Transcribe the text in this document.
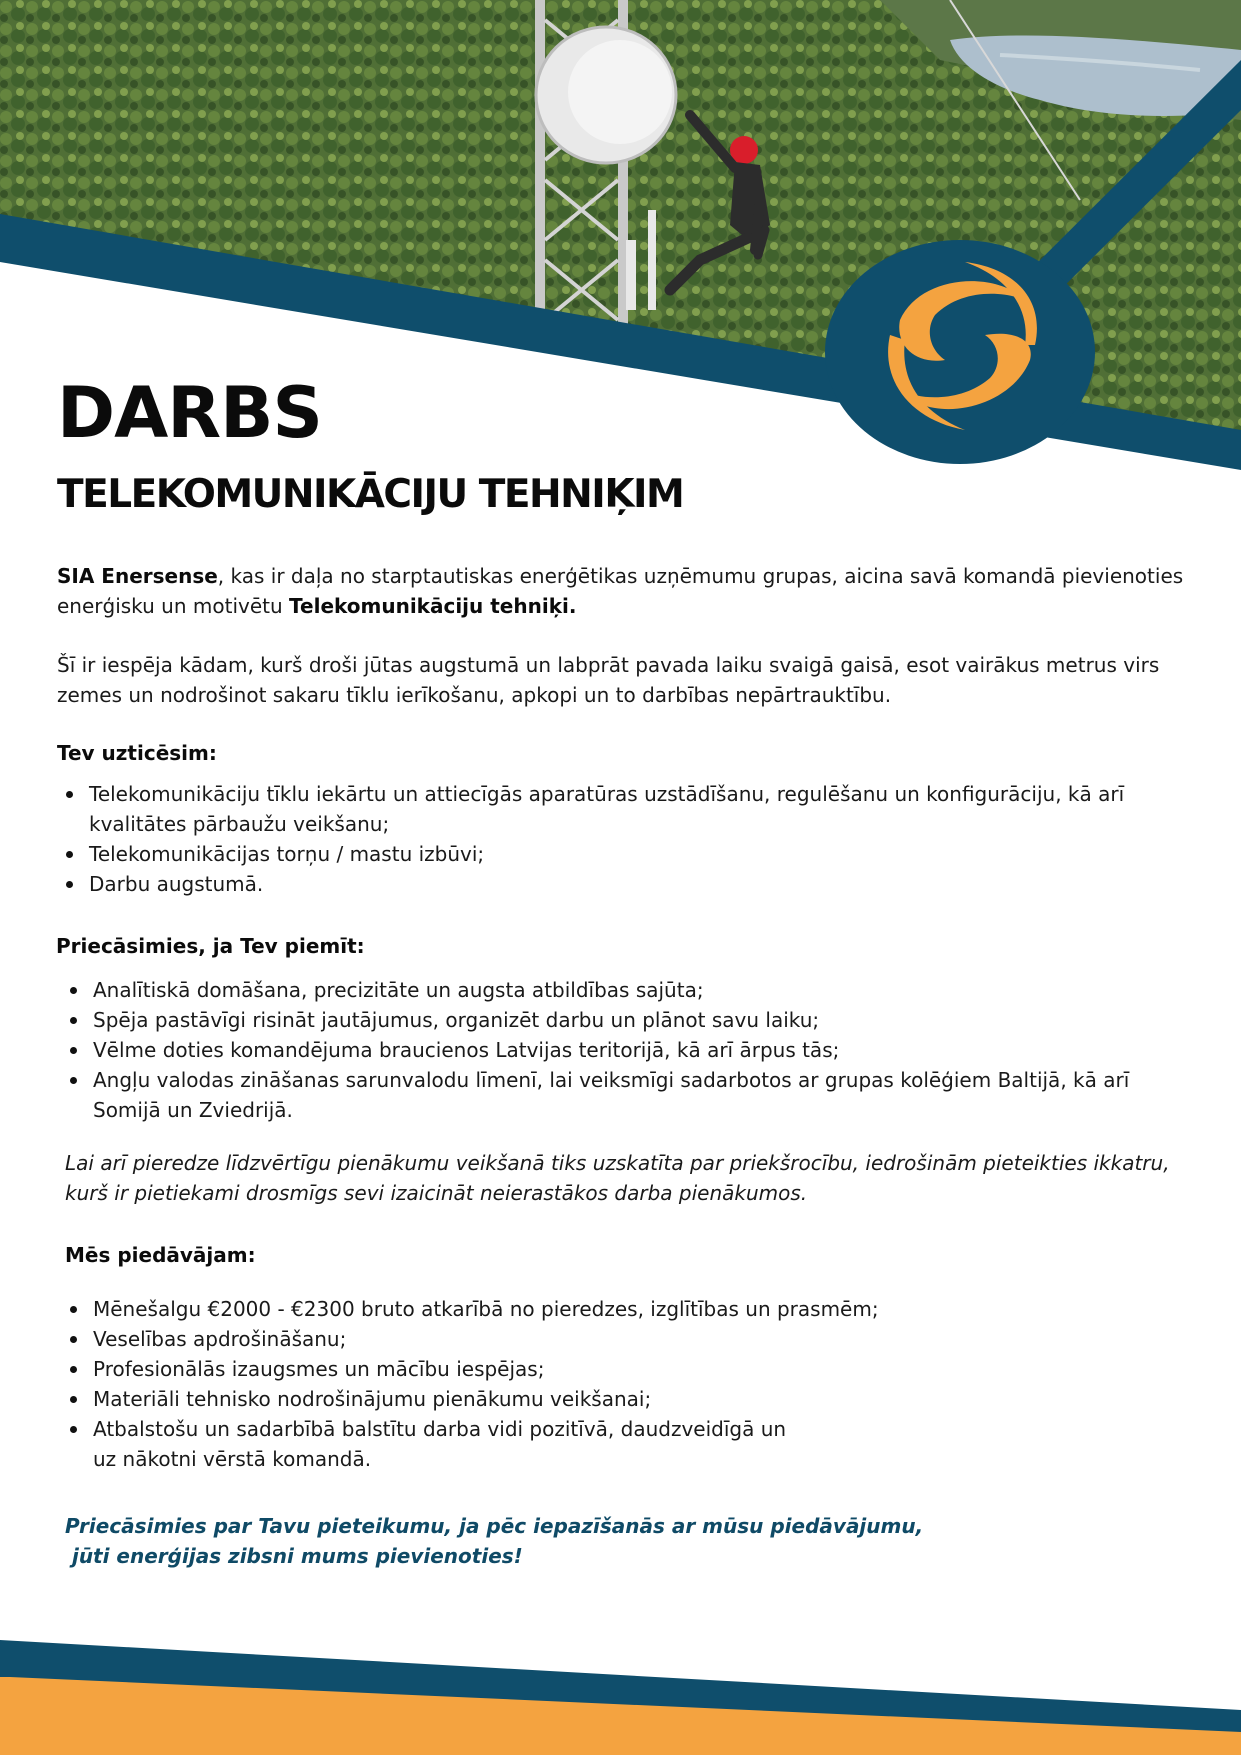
DARBS
TELEKOMUNIKĀCIJU TEHNIĶIM

SIA Enersense, kas ir daļa no starptautiskas enerģētikas uzņēmumu grupas, aicina savā komandā pievienoties enerģisku un motivētu Telekomunikāciju tehniķi.

Šī ir iespēja kādam, kurš droši jūtas augstumā un labprāt pavada laiku svaigā gaisā, esot vairākus metrus virs zemes un nodrošinot sakaru tīklu ierīkošanu, apkopi un to darbības nepārtrauktību.

Tev uzticēsim:

Telekomunikāciju tīklu iekārtu un attiecīgās aparatūras uzstādīšanu, regulēšanu un konfigurāciju, kā arī kvalitātes pārbaužu veikšanu;
Telekomunikācijas torņu / mastu izbūvi;
Darbu augstumā.

Priecāsimies, ja Tev piemīt:

Analītiskā domāšana, precizitāte un augsta atbildības sajūta;
Spēja pastāvīgi risināt jautājumus, organizēt darbu un plānot savu laiku;
Vēlme doties komandējuma braucienos Latvijas teritorijā, kā arī ārpus tās;
Angļu valodas zināšanas sarunvalodu līmenī, lai veiksmīgi sadarbotos ar grupas kolēģiem Baltijā, kā arī Somijā un Zviedrijā.

Lai arī pieredze līdzvērtīgu pienākumu veikšanā tiks uzskatīta par priekšrocību, iedrošinām pieteikties ikkatru, kurš ir pietiekami drosmīgs sevi izaicināt neierastākos darba pienākumos.

Mēs piedāvājam:

Mēnešalgu €2000 - €2300 bruto atkarībā no pieredzes, izglītības un prasmēm;
Veselības apdrošināšanu;
Profesionālās izaugsmes un mācību iespējas;
Materiāli tehnisko nodrošinājumu pienākumu veikšanai;
Atbalstošu un sadarbībā balstītu darba vidi pozitīvā, daudzveidīgā un
uz nākotni vērstā komandā.

Priecāsimies par Tavu pieteikumu, ja pēc iepazīšanās ar mūsu piedāvājumu,
jūti enerģijas zibsni mums pievienoties!
